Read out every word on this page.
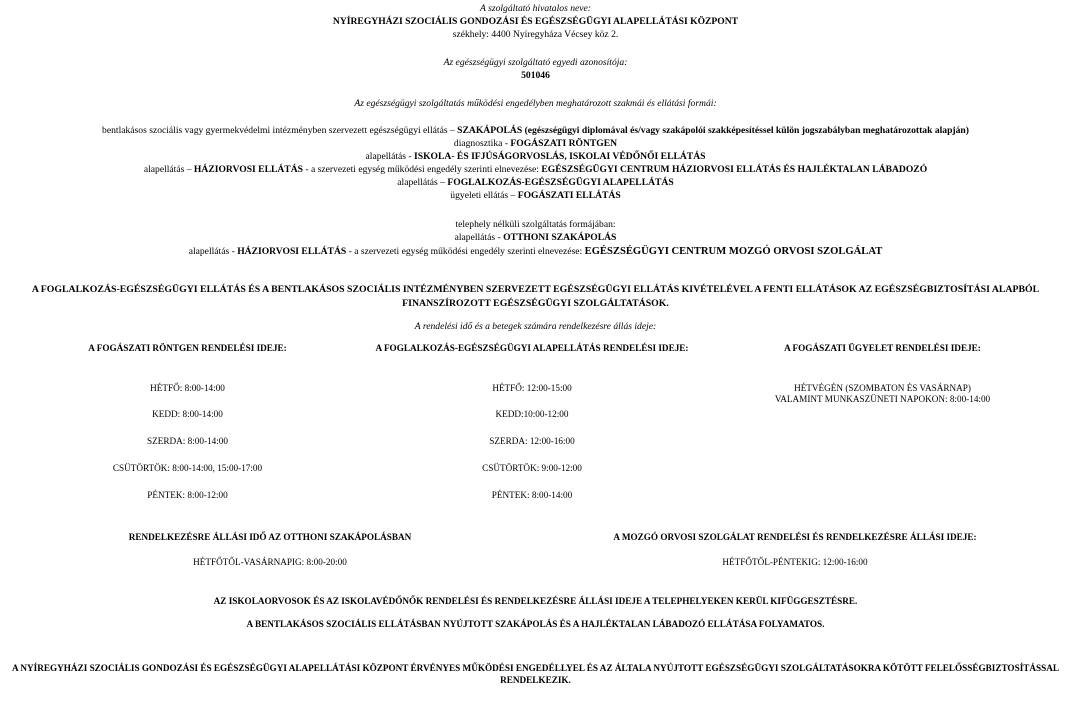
A szolgáltató hivatalos neve:
NYÍREGYHÁZI SZOCIÁLIS GONDOZÁSI ÉS EGÉSZSÉGÜGYI ALAPELLÁTÁSI KÖZPONT
székhely: 4400 Nyíregyháza Vécsey köz 2.
Az egészségügyi szolgáltató egyedi azonosítója:
501046
Az egészségügyi szolgáltatás működési engedélyben meghatározott szakmái és ellátási formái:
bentlakásos szociális vagy gyermekvédelmi intézményben szervezett egészségügyi ellátás – SZAKÁPOLÁS (egészségügyi diplomával és/vagy szakápolói szakképesítéssel külön jogszabályban meghatározottak alapján)
diagnosztika - FOGÁSZATI RÖNTGEN
alapellátás - ISKOLA- ÉS IFJÚSÁGORVOSLÁS, ISKOLAI VÉDŐNŐI ELLÁTÁS
alapellátás – HÁZIORVOSI ELLÁTÁS - a szervezeti egység működési engedély szerinti elnevezése: EGÉSZSÉGÜGYI CENTRUM HÁZIORVOSI ELLÁTÁS ÉS HAJLÉKTALAN LÁBADOZÓ
alapellátás – FOGLALKOZÁS-EGÉSZSÉGÜGYI ALAPELLÁTÁS
ügyeleti ellátás – FOGÁSZATI ELLÁTÁS
telephely nélküli szolgáltatás formájában:
alapellátás - OTTHONI SZAKÁPOLÁS
alapellátás - HÁZIORVOSI ELLÁTÁS - a szervezeti egység működési engedély szerinti elnevezése: EGÉSZSÉGÜGYI CENTRUM MOZGÓ ORVOSI SZOLGÁLAT
A FOGLALKOZÁS-EGÉSZSÉGÜGYI ELLÁTÁS ÉS A BENTLAKÁSOS SZOCIÁLIS INTÉZMÉNYBEN SZERVEZETT EGÉSZSÉGÜGYI ELLÁTÁS KIVÉTELÉVEL A FENTI ELLÁTÁSOK AZ EGÉSZSÉGBIZTOSÍTÁSI ALAPBÓL FINANSZÍROZOTT EGÉSZSÉGÜGYI SZOLGÁLTATÁSOK.
A rendelési idő és a betegek számára rendelkezésre állás ideje:
A FOGÁSZATI RÖNTGEN RENDELÉSI IDEJE:
HÉTFŐ: 8:00-14:00
KEDD: 8:00-14:00
SZERDA: 8:00-14:00
CSÜTÖRTÖK: 8:00-14:00, 15:00-17:00
PÉNTEK: 8:00-12:00
A FOGLALKOZÁS-EGÉSZSÉGÜGYI ALAPELLÁTÁS RENDELÉSI IDEJE:
HÉTFŐ: 12:00-15:00
KEDD:10:00-12:00
SZERDA: 12:00-16:00
CSÜTÖRTÖK: 9:00-12:00
PÉNTEK: 8:00-14:00
A FOGÁSZATI ÜGYELET RENDELÉSI IDEJE:
HÉTVÉGÉN (SZOMBATON ÉS VASÁRNAP) VALAMINT MUNKASZÜNETI NAPOKON: 8:00-14:00
RENDELKEZÉSRE ÁLLÁSI IDŐ AZ OTTHONI SZAKÁPOLÁSBAN
HÉTFŐTŐL-VASÁRNAPIG: 8:00-20:00
A MOZGÓ ORVOSI SZOLGÁLAT RENDELÉSI ÉS RENDELKEZÉSRE ÁLLÁSI IDEJE:
HÉTFŐTŐL-PÉNTEKIG: 12:00-16:00
AZ ISKOLAORVOSOK ÉS AZ ISKOLAVÉDŐNŐK RENDELÉSI ÉS RENDELKEZÉSRE ÁLLÁSI IDEJE A TELEPHELYEKEN KERÜL KIFÜGGESZTÉSRE.
A BENTLAKÁSOS SZOCIÁLIS ELLÁTÁSBAN NYÚJTOTT SZAKÁPOLÁS ÉS A HAJLÉKTALAN LÁBADOZÓ ELLÁTÁSA FOLYAMATOS.
A NYÍREGYHÁZI SZOCIÁLIS GONDOZÁSI ÉS EGÉSZSÉGÜGYI ALAPELLÁTÁSI KÖZPONT ÉRVÉNYES MŰKÖDÉSI ENGEDÉLLYEL ÉS AZ ÁLTALA NYÚJTOTT EGÉSZSÉGÜGYI SZOLGÁLTATÁSOKRA KÖTÖTT FELELŐSSÉGBIZTOSÍTÁSSAL RENDELKEZIK.
